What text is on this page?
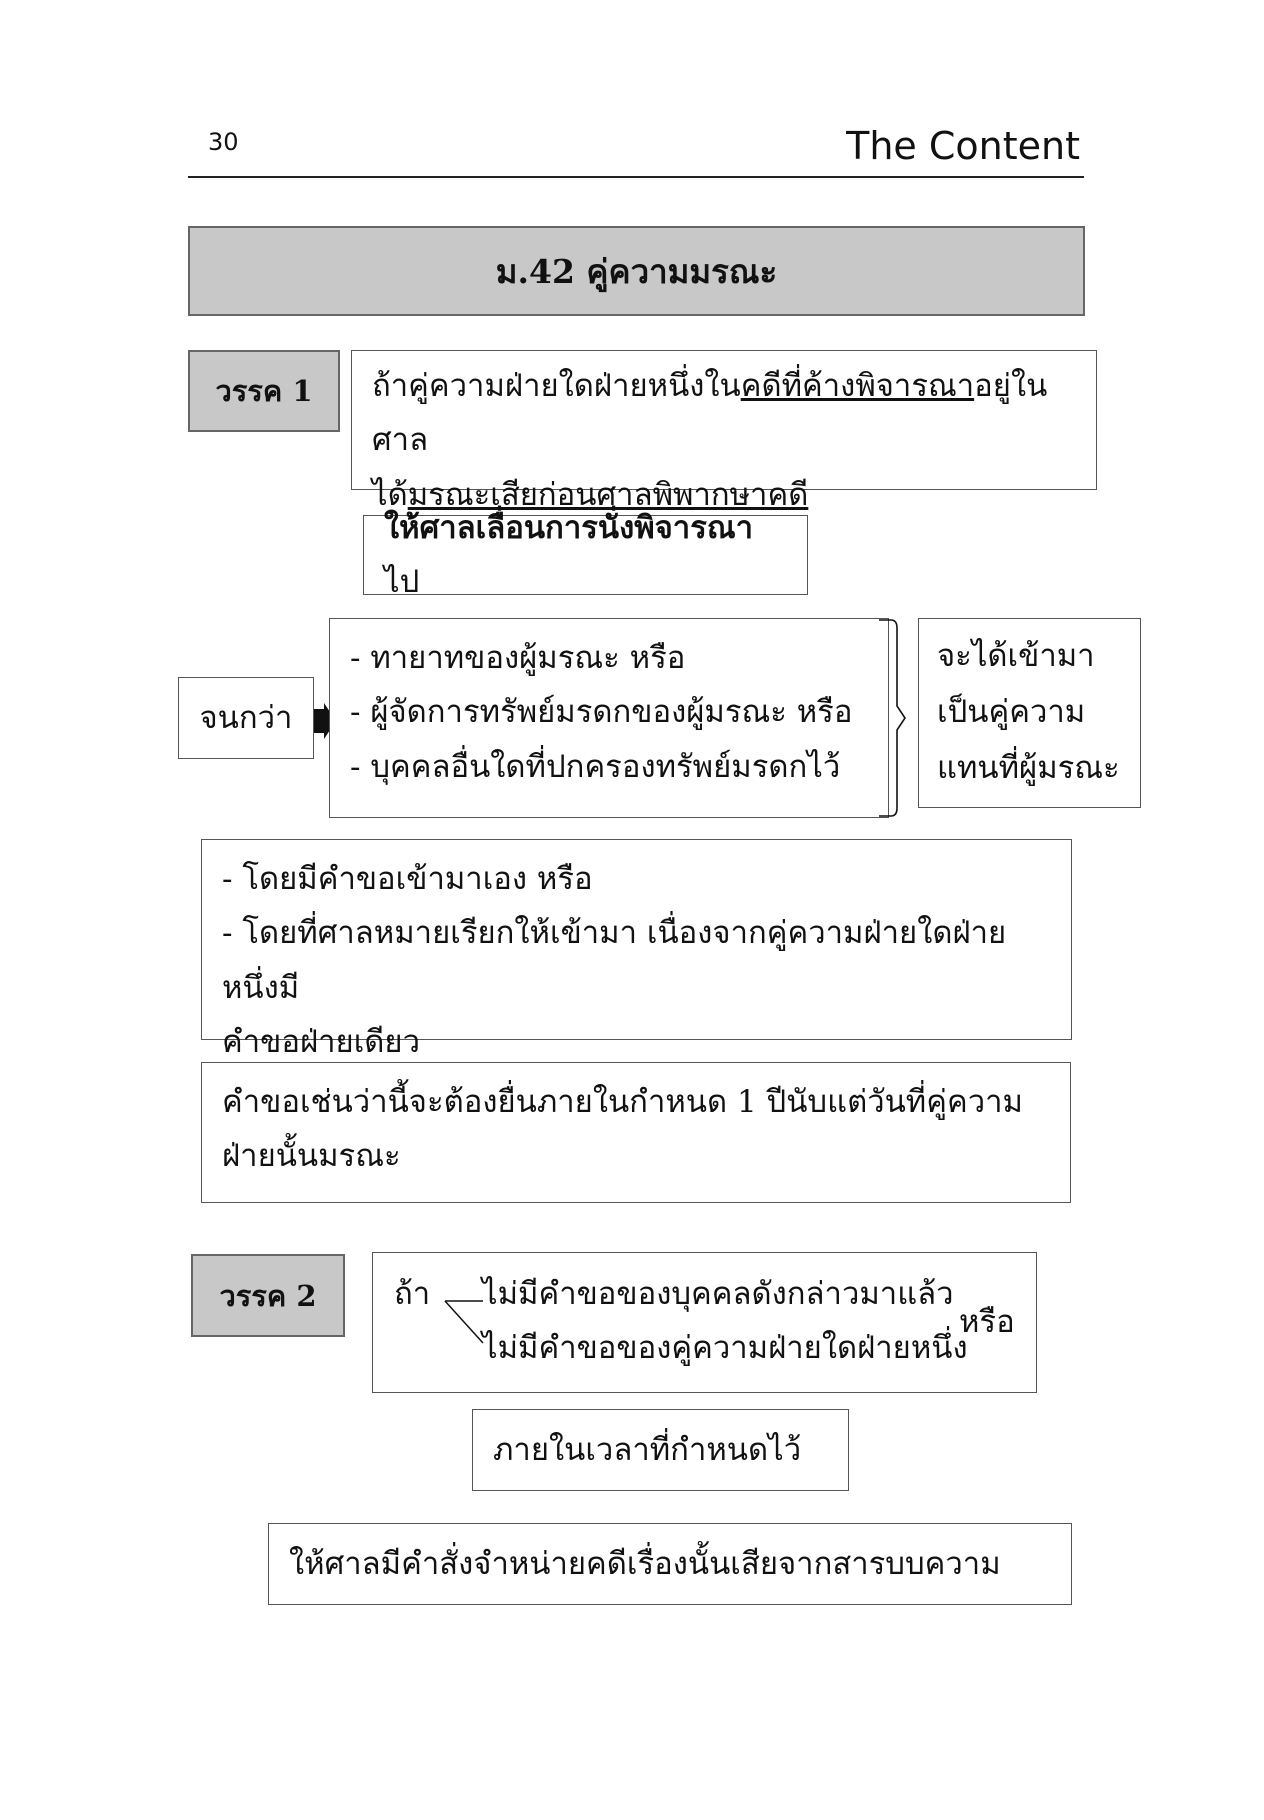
30	The Content
ม.42 คู่ความมรณะ
วรรค 1	ถ้าคู่ความฝ่ายใดฝ่ายหนึ่งในคดีที่ค้างพิจารณาอยู่ในศาล
ได้มรณะเสียก่อนศาลพิพากษาคดี
ให้ศาลเลื่อนการนั่งพิจารณาไป
จนกว่า
- ทายาทของผู้มรณะ หรือ
- ผู้จัดการทรัพย์มรดกของผู้มรณะ หรือ
- บุคคลอื่นใดที่ปกครองทรัพย์มรดกไว้
จะได้เข้ามา
เป็นคู่ความ
แทนที่ผู้มรณะ
- โดยมีคำขอเข้ามาเอง หรือ
- โดยที่ศาลหมายเรียกให้เข้ามา เนื่องจากคู่ความฝ่ายใดฝ่ายหนึ่งมี
คำขอฝ่ายเดียว
คำขอเช่นว่านี้จะต้องยื่นภายในกำหนด 1 ปีนับแต่วันที่คู่ความ
ฝ่ายนั้นมรณะ
วรรค 2	ถ้า ไม่มีคำขอของบุคคลดังกล่าวมาแล้ว
ไม่มีคำขอของคู่ความฝ่ายใดฝ่ายหนึ่ง
หรือ
ภายในเวลาที่กำหนดไว้
ให้ศาลมีคำสั่งจำหน่ายคดีเรื่องนั้นเสียจากสารบบความ
